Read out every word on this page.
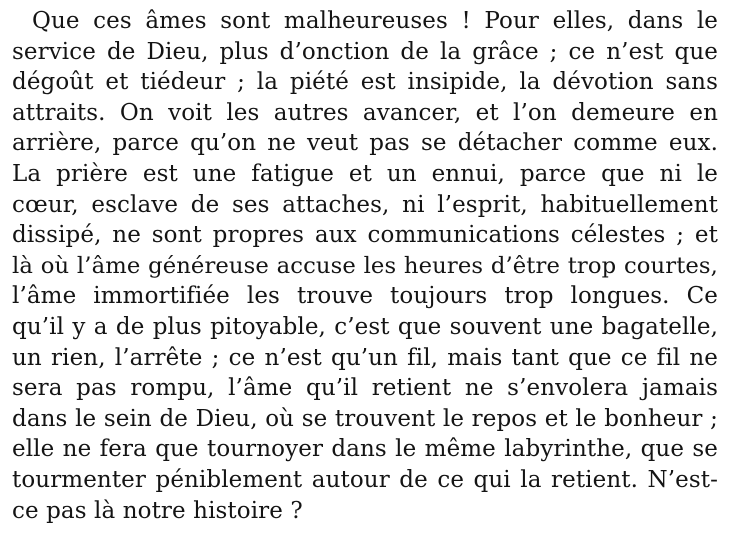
Que ces âmes sont malheureuses ! Pour elles, dans le
service de Dieu, plus d’onction de la grâce ; ce n’est que
dégoût et tiédeur ; la piété est insipide, la dévotion sans
attraits. On voit les autres avancer, et l’on demeure en
arrière, parce qu’on ne veut pas se détacher comme eux.
La prière est une fatigue et un ennui, parce que ni le
cœur, esclave de ses attaches, ni l’esprit, habituellement
dissipé, ne sont propres aux communications célestes ; et
là où l’âme généreuse accuse les heures d’être trop courtes,
l’âme immortifiée les trouve toujours trop longues. Ce
qu’il y a de plus pitoyable, c’est que souvent une bagatelle,
un rien, l’arrête ; ce n’est qu’un fil, mais tant que ce fil ne
sera pas rompu, l’âme qu’il retient ne s’envolera jamais
dans le sein de Dieu, où se trouvent le repos et le bonheur ;
elle ne fera que tournoyer dans le même labyrinthe, que se
tourmenter péniblement autour de ce qui la retient. N’est-
ce pas là notre histoire ?
